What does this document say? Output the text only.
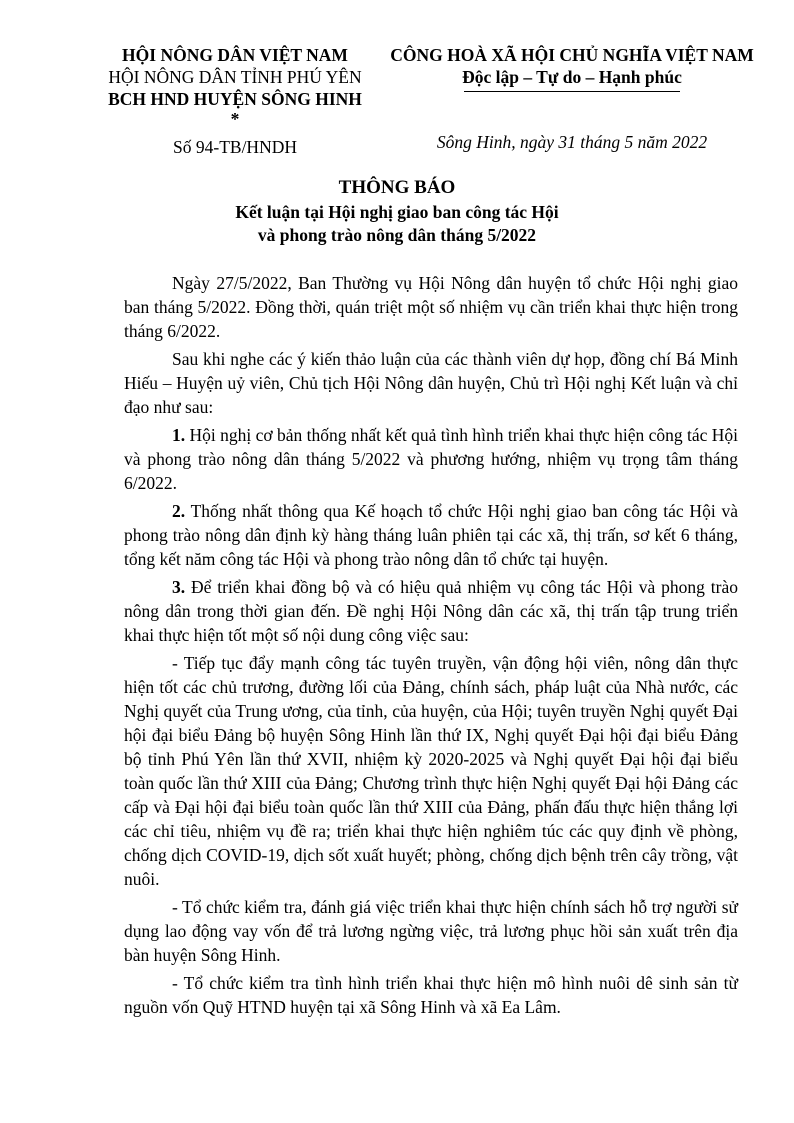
HỘI NÔNG DÂN VIỆT NAM
HỘI NÔNG DÂN TỈNH PHÚ YÊN
BCH HND HUYỆN SÔNG HINH
*
Số 94-TB/HNDH
CÔNG HOÀ XÃ HỘI CHỦ NGHĨA VIỆT NAM
Độc lập – Tự do – Hạnh phúc
Sông Hinh, ngày 31 tháng 5 năm 2022
THÔNG BÁO
Kết luận tại Hội nghị giao ban công tác Hội
và phong trào nông dân tháng 5/2022

Ngày 27/5/2022, Ban Thường vụ Hội Nông dân huyện tổ chức Hội nghị giao ban tháng 5/2022. Đồng thời, quán triệt một số nhiệm vụ cần triển khai thực hiện trong tháng 6/2022.

Sau khi nghe các ý kiến thảo luận của các thành viên dự họp, đồng chí Bá Minh Hiếu – Huyện uỷ viên, Chủ tịch Hội Nông dân huyện, Chủ trì Hội nghị Kết luận và chỉ đạo như sau:

1. Hội nghị cơ bản thống nhất kết quả tình hình triển khai thực hiện công tác Hội và phong trào nông dân tháng 5/2022 và phương hướng, nhiệm vụ trọng tâm tháng 6/2022.

2. Thống nhất thông qua Kế hoạch tổ chức Hội nghị giao ban công tác Hội và phong trào nông dân định kỳ hàng tháng luân phiên tại các xã, thị trấn, sơ kết 6 tháng, tổng kết năm công tác Hội và phong trào nông dân tổ chức tại huyện.

3. Để triển khai đồng bộ và có hiệu quả nhiệm vụ công tác Hội và phong trào nông dân trong thời gian đến. Đề nghị Hội Nông dân các xã, thị trấn tập trung triển khai thực hiện tốt một số nội dung công việc sau:

- Tiếp tục đẩy mạnh công tác tuyên truyền, vận động hội viên, nông dân thực hiện tốt các chủ trương, đường lối của Đảng, chính sách, pháp luật của Nhà nước, các Nghị quyết của Trung ương, của tỉnh, của huyện, của Hội; tuyên truyền Nghị quyết Đại hội đại biểu Đảng bộ huyện Sông Hinh lần thứ IX, Nghị quyết Đại hội đại biểu Đảng bộ tỉnh Phú Yên lần thứ XVII, nhiệm kỳ 2020-2025 và Nghị quyết Đại hội đại biểu toàn quốc lần thứ XIII của Đảng; Chương trình thực hiện Nghị quyết Đại hội Đảng các cấp và Đại hội đại biểu toàn quốc lần thứ XIII của Đảng, phấn đấu thực hiện thắng lợi các chỉ tiêu, nhiệm vụ đề ra; triển khai thực hiện nghiêm túc các quy định về phòng, chống dịch COVID-19, dịch sốt xuất huyết; phòng, chống dịch bệnh trên cây trồng, vật nuôi.

- Tổ chức kiểm tra, đánh giá việc triển khai thực hiện chính sách hỗ trợ người sử dụng lao động vay vốn để trả lương ngừng việc, trả lương phục hồi sản xuất trên địa bàn huyện Sông Hinh.

- Tổ chức kiểm tra tình hình triển khai thực hiện mô hình nuôi dê sinh sản từ nguồn vốn Quỹ HTND huyện tại xã Sông Hinh và xã Ea Lâm.
